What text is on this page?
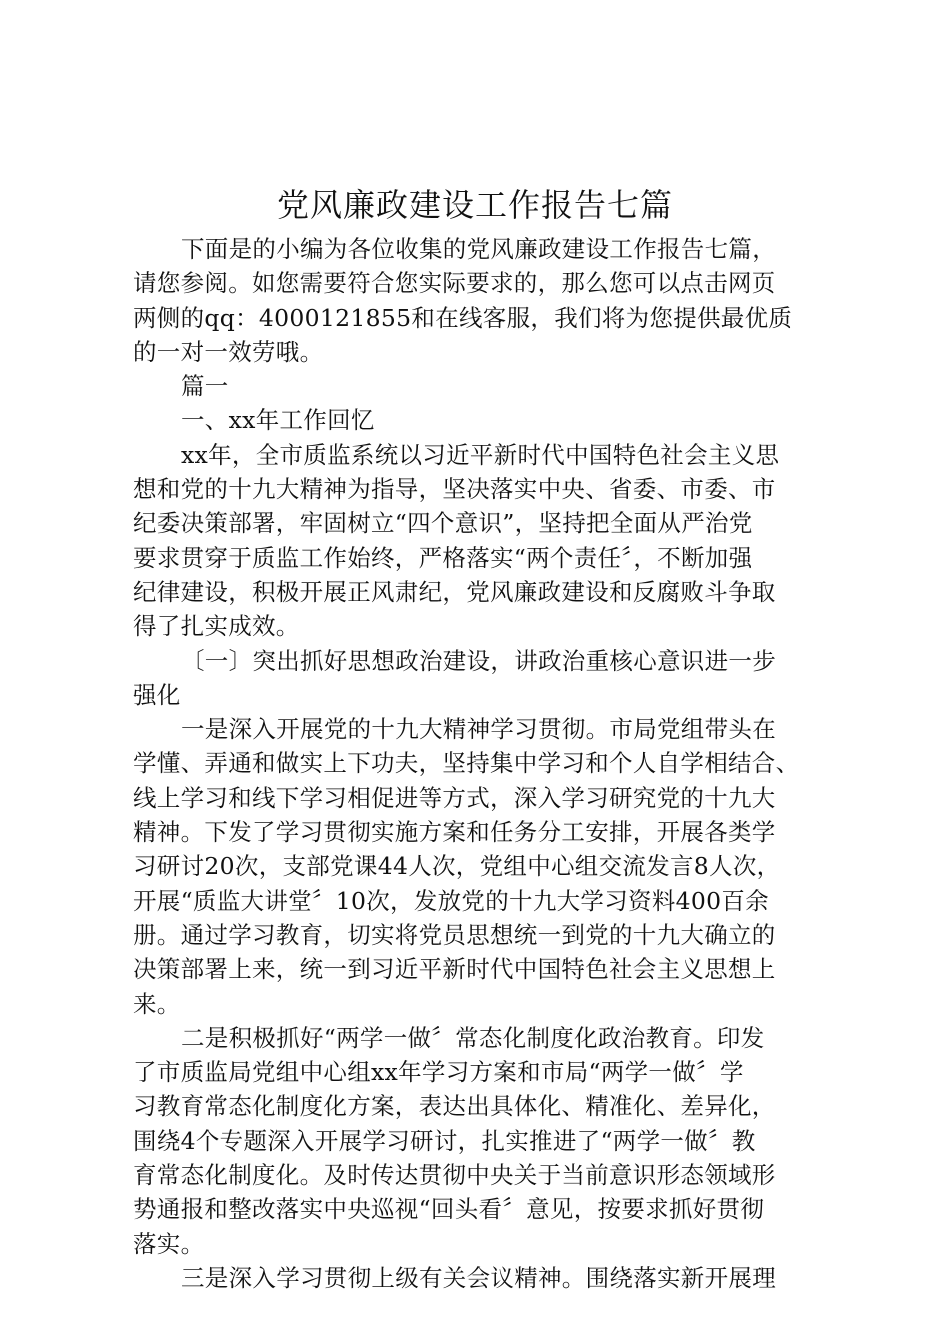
党风廉政建设工作报告七篇
下面是的小编为各位收集的党风廉政建设工作报告七篇，
请您参阅。如您需要符合您实际要求的，那么您可以点击网页
两侧的qq：4000121855和在线客服，我们将为您提供最优质
的一对一效劳哦。
篇一
一、xx年工作回忆
xx年，全市质监系统以习近平新时代中国特色社会主义思
想和党的十九大精神为指导，坚决落实中央、省委、市委、市
纪委决策部署，牢固树立“四个意识”，坚持把全面从严治党
要求贯穿于质监工作始终，严格落实“两个责任〞，不断加强
纪律建设，积极开展正风肃纪，党风廉政建设和反腐败斗争取
得了扎实成效。
〔一〕突出抓好思想政治建设，讲政治重核心意识进一步
强化
一是深入开展党的十九大精神学习贯彻。市局党组带头在
学懂、弄通和做实上下功夫，坚持集中学习和个人自学相结合、
线上学习和线下学习相促进等方式，深入学习研究党的十九大
精神。下发了学习贯彻实施方案和任务分工安排，开展各类学
习研讨20次，支部党课44人次，党组中心组交流发言8人次，
开展“质监大讲堂〞10次，发放党的十九大学习资料400百余
册。通过学习教育，切实将党员思想统一到党的十九大确立的
决策部署上来，统一到习近平新时代中国特色社会主义思想上
来。
二是积极抓好“两学一做〞常态化制度化政治教育。印发
了市质监局党组中心组xx年学习方案和市局“两学一做〞学
习教育常态化制度化方案，表达出具体化、精准化、差异化，
围绕4个专题深入开展学习研讨，扎实推进了“两学一做〞教
育常态化制度化。及时传达贯彻中央关于当前意识形态领域形
势通报和整改落实中央巡视“回头看〞意见，按要求抓好贯彻
落实。
三是深入学习贯彻上级有关会议精神。围绕落实新开展理
